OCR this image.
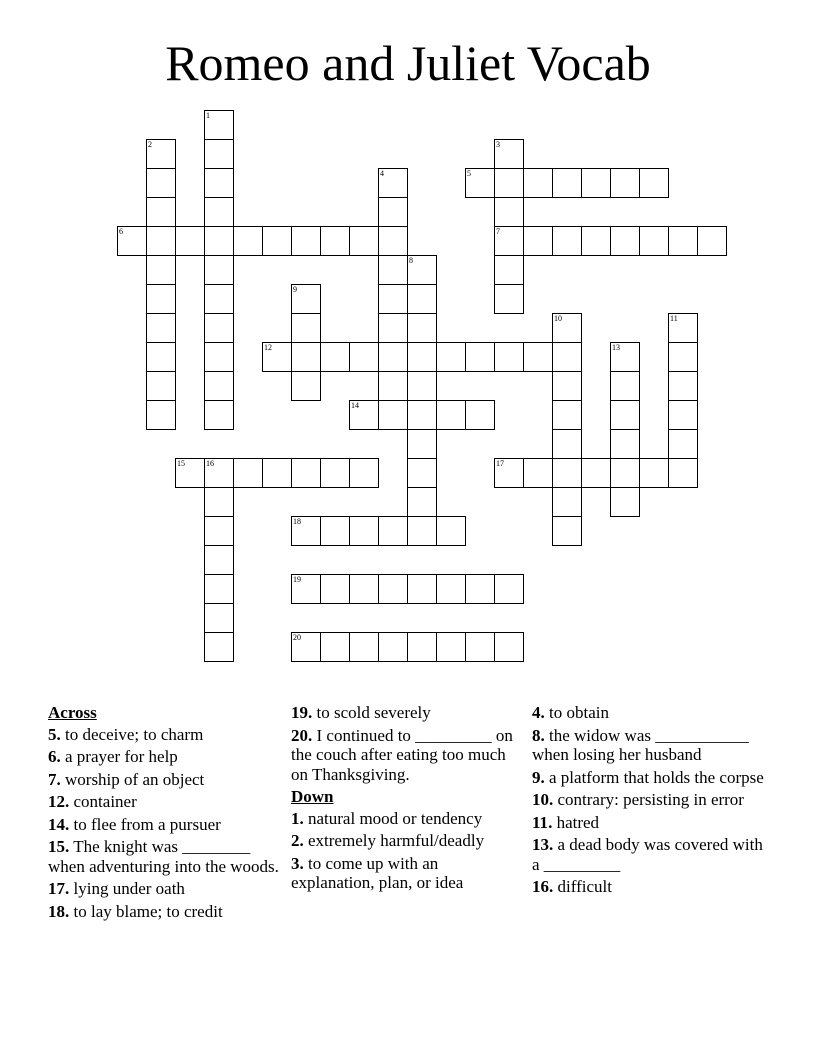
Romeo and Juliet Vocab
1
2	3
7
4	5
6
8
9
10	11
12	13
14
15	16	17
18
19
20
Across
5 . to deceive; to charm
6 . a prayer for help
7 . worship of an object
12 . container
14 . to flee from a pursuer
15 . The knight was ________ when adventuring into the woods.
17 . lying under oath
18 . to lay blame; to credit
19 . to scold severely
20 . I continued to _________ on the couch after eating too much on Thanksgiving.
Down
1 . natural mood or tendency
2 . extremely harmful/deadly
3 . to come up with an explanation, plan, or idea
4 . to obtain
8 . the widow was ___________ when losing her husband
9 . a platform that holds the corpse
10 . contrary: persisting in error
11 . hatred
13 . a dead body was covered with a _________
16 . difficult
